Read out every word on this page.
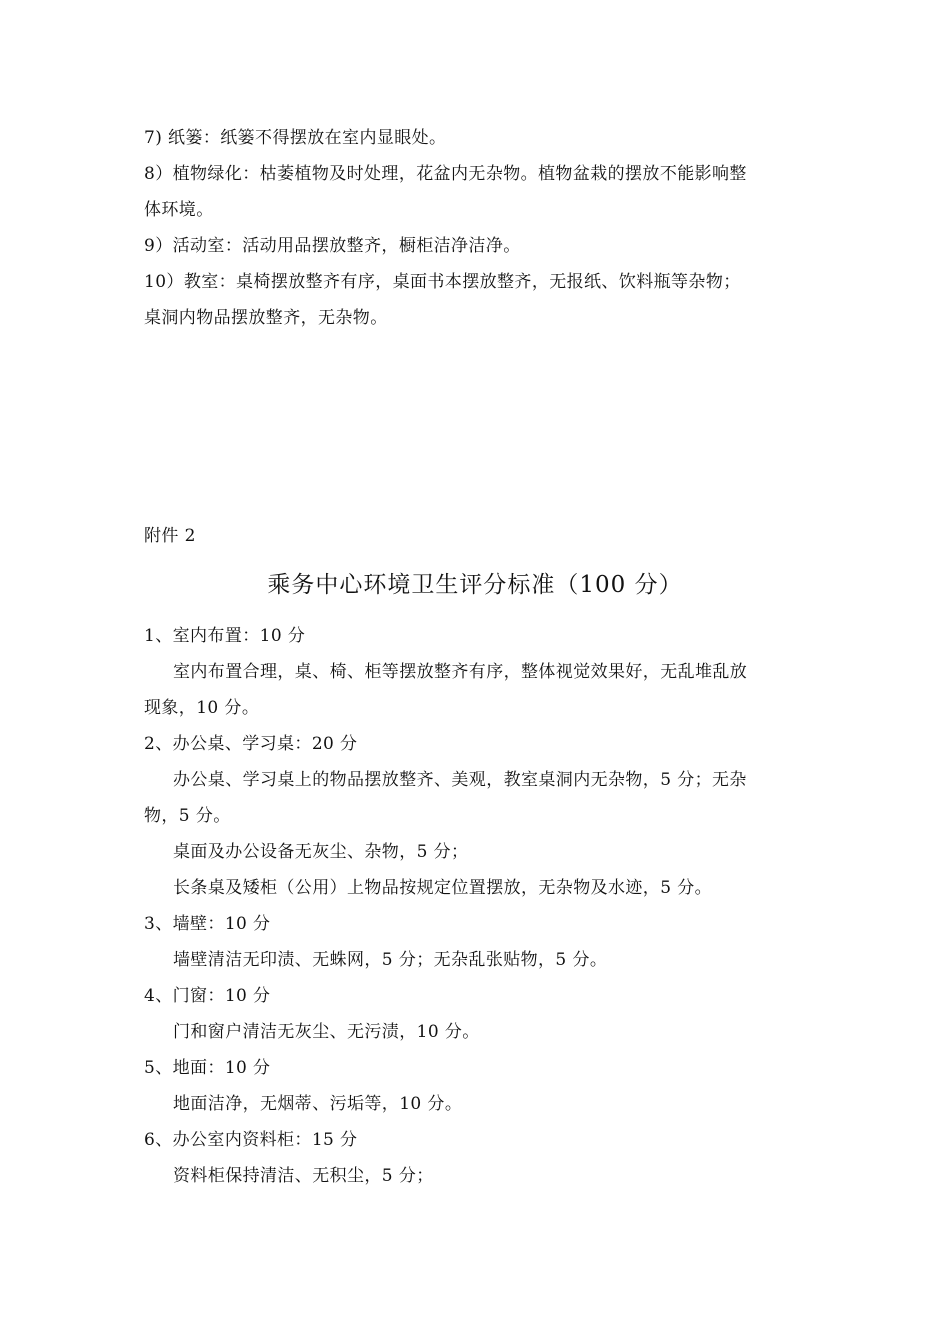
7) 纸篓：纸篓不得摆放在室内显眼处。
8）植物绿化：枯萎植物及时处理，花盆内无杂物。植物盆栽的摆放不能影响整
体环境。
9）活动室：活动用品摆放整齐，橱柜洁净洁净。
10）教室：桌椅摆放整齐有序，桌面书本摆放整齐，无报纸、饮料瓶等杂物；
桌洞内物品摆放整齐，无杂物。
附件 2
乘务中心环境卫生评分标准（100 分）
1、室内布置：10 分
室内布置合理，桌、椅、柜等摆放整齐有序，整体视觉效果好，无乱堆乱放
现象，10 分。
2、办公桌、学习桌：20 分
办公桌、学习桌上的物品摆放整齐、美观，教室桌洞内无杂物，5 分；无杂
物，5 分。
桌面及办公设备无灰尘、杂物，5 分；
长条桌及矮柜（公用）上物品按规定位置摆放，无杂物及水迹，5 分。
3、墙壁：10 分
墙壁清洁无印渍、无蛛网，5 分；无杂乱张贴物，5 分。
4、门窗：10 分
门和窗户清洁无灰尘、无污渍，10 分。
5、地面：10 分
地面洁净，无烟蒂、污垢等，10 分。
6、办公室内资料柜：15 分
资料柜保持清洁、无积尘，5 分；
